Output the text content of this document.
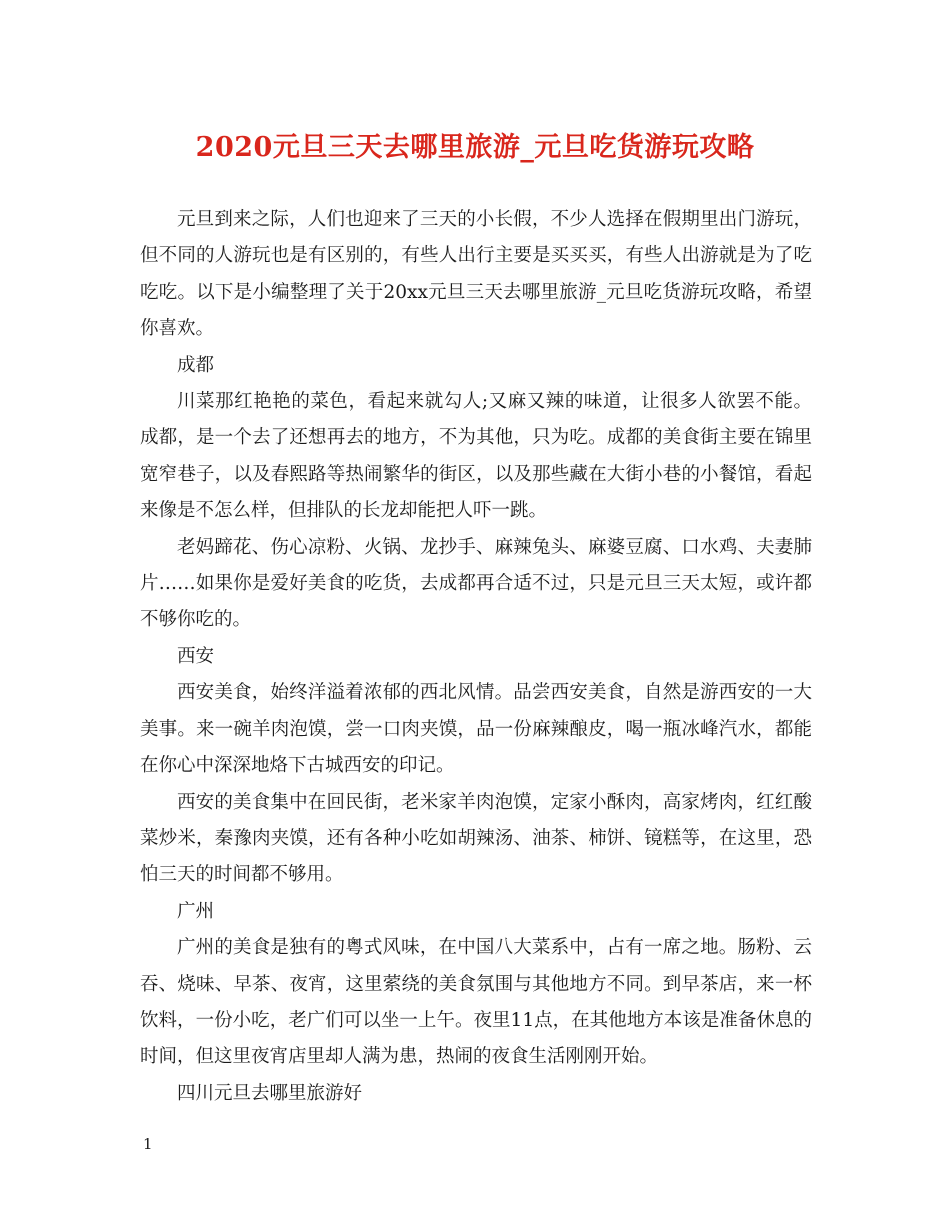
2020元旦三天去哪里旅游_元旦吃货游玩攻略

元旦到来之际，人们也迎来了三天的小长假，不少人选择在假期里出门游玩，但不同的人游玩也是有区别的，有些人出行主要是买买买，有些人出游就是为了吃吃吃。以下是小编整理了关于20xx元旦三天去哪里旅游_元旦吃货游玩攻略，希望你喜欢。

成都

川菜那红艳艳的菜色，看起来就勾人;又麻又辣的味道，让很多人欲罢不能。成都，是一个去了还想再去的地方，不为其他，只为吃。成都的美食街主要在锦里宽窄巷子，以及春熙路等热闹繁华的街区，以及那些藏在大街小巷的小餐馆，看起来像是不怎么样，但排队的长龙却能把人吓一跳。

老妈蹄花、伤心凉粉、火锅、龙抄手、麻辣兔头、麻婆豆腐、口水鸡、夫妻肺片……如果你是爱好美食的吃货，去成都再合适不过，只是元旦三天太短，或许都不够你吃的。

西安

西安美食，始终洋溢着浓郁的西北风情。品尝西安美食，自然是游西安的一大美事。来一碗羊肉泡馍，尝一口肉夹馍，品一份麻辣酿皮，喝一瓶冰峰汽水，都能在你心中深深地烙下古城西安的印记。

西安的美食集中在回民街，老米家羊肉泡馍，定家小酥肉，高家烤肉，红红酸菜炒米，秦豫肉夹馍，还有各种小吃如胡辣汤、油茶、柿饼、镜糕等，在这里，恐怕三天的时间都不够用。

广州

广州的美食是独有的粤式风味，在中国八大菜系中，占有一席之地。肠粉、云吞、烧味、早茶、夜宵，这里萦绕的美食氛围与其他地方不同。到早茶店，来一杯饮料，一份小吃，老广们可以坐一上午。夜里11点，在其他地方本该是准备休息的时间，但这里夜宵店里却人满为患，热闹的夜食生活刚刚开始。

四川元旦去哪里旅游好

1
